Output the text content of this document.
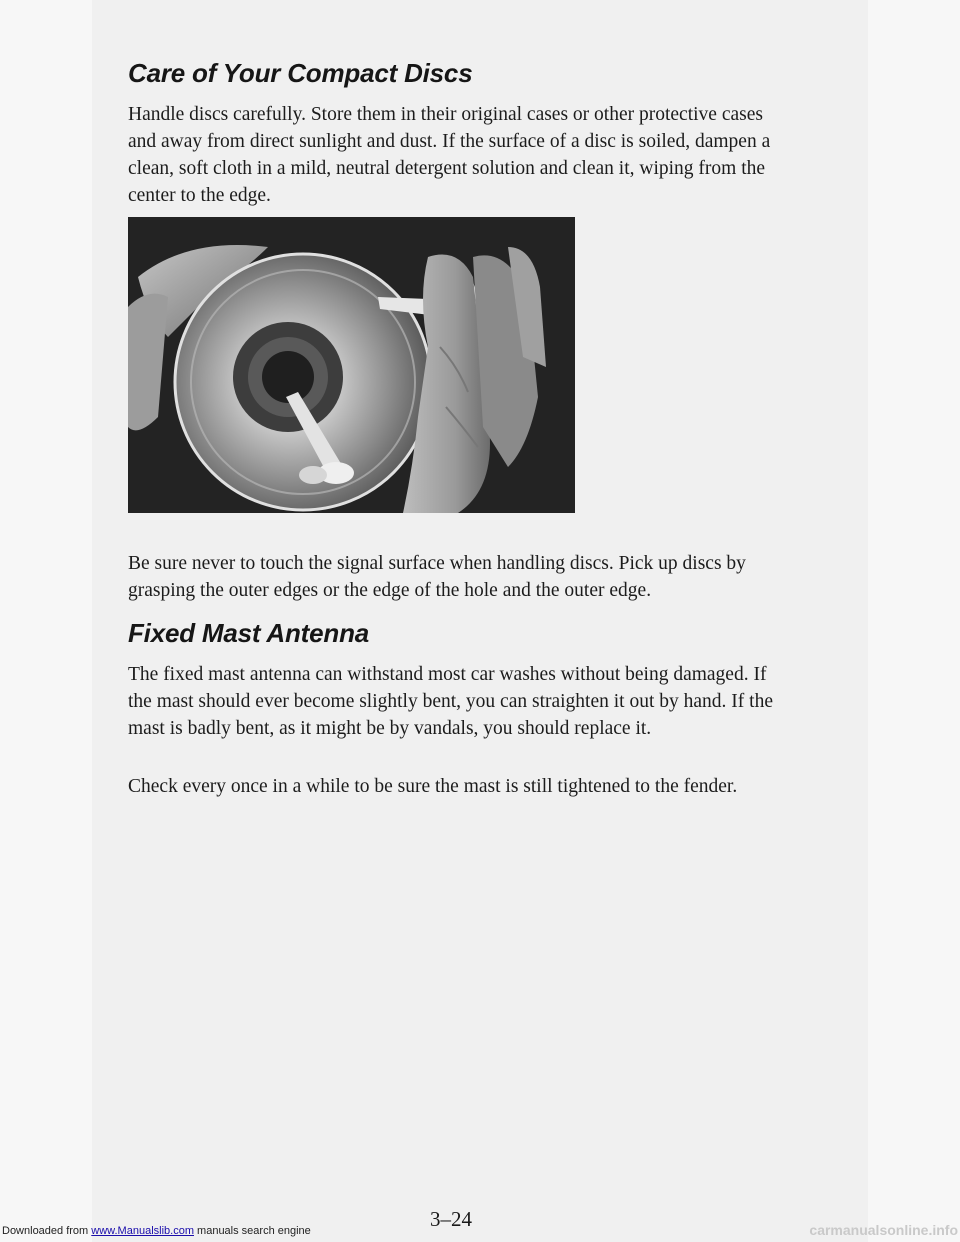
Care of Your Compact Discs

Handle discs carefully. Store them in their original cases or other protective cases and away from direct sunlight and dust. If the surface of a disc is soiled, dampen a clean, soft cloth in a mild, neutral detergent solution and clean it, wiping from the center to the edge.

Be sure never to touch the signal surface when handling discs. Pick up discs by grasping the outer edges or the edge of the hole and the outer edge.

Fixed Mast Antenna

The fixed mast antenna can withstand most car washes without being damaged. If the mast should ever become slightly bent, you can straighten it out by hand. If the mast is badly bent, as it might be by vandals, you should replace it.

Check every once in a while to be sure the mast is still tightened to the fender.

3–24

Downloaded from www.Manualslib.com manuals search engine	carmanualsonline.info
